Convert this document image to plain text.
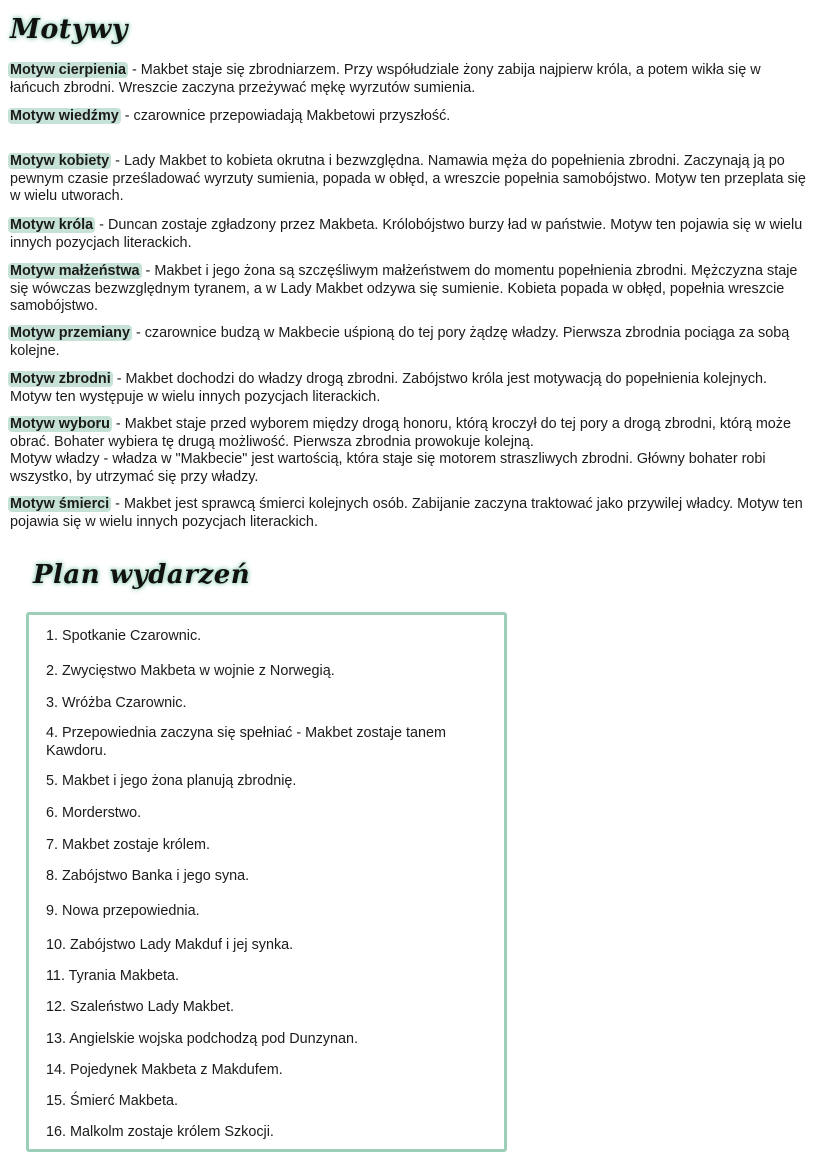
Motywy
Motyw cierpienia - Makbet staje się zbrodniarzem. Przy współudziale żony zabija najpierw króla, a potem wikła się w łańcuch zbrodni. Wreszcie zaczyna przeżywać mękę wyrzutów sumienia.
Motyw wiedźmy - czarownice przepowiadają Makbetowi przyszłość.
Motyw kobiety - Lady Makbet to kobieta okrutna i bezwzględna. Namawia męża do popełnienia zbrodni. Zaczynają ją po pewnym czasie prześladować wyrzuty sumienia, popada w obłęd, a wreszcie popełnia samobójstwo. Motyw ten przeplata się w wielu utworach.
Motyw króla - Duncan zostaje zgładzony przez Makbeta. Królobójstwo burzy ład w państwie. Motyw ten pojawia się w wielu innych pozycjach literackich.
Motyw małżeństwa - Makbet i jego żona są szczęśliwym małżeństwem do momentu popełnienia zbrodni. Mężczyzna staje się wówczas bezwzględnym tyranem, a w Lady Makbet odzywa się sumienie. Kobieta popada w obłęd, popełnia wreszcie samobójstwo.
Motyw przemiany - czarownice budzą w Makbecie uśpioną do tej pory żądzę władzy. Pierwsza zbrodnia pociąga za sobą kolejne.
Motyw zbrodni - Makbet dochodzi do władzy drogą zbrodni. Zabójstwo króla jest motywacją do popełnienia kolejnych. Motyw ten występuje w wielu innych pozycjach literackich.
Motyw wyboru - Makbet staje przed wyborem między drogą honoru, którą kroczył do tej pory a drogą zbrodni, którą może obrać. Bohater wybiera tę drugą możliwość. Pierwsza zbrodnia prowokuje kolejną.
Motyw władzy - władza w "Makbecie" jest wartością, która staje się motorem straszliwych zbrodni. Główny bohater robi wszystko, by utrzymać się przy władzy.
Motyw śmierci - Makbet jest sprawcą śmierci kolejnych osób. Zabijanie zaczyna traktować jako przywilej władcy. Motyw ten pojawia się w wielu innych pozycjach literackich.
Plan wydarzeń
1. Spotkanie Czarownic.
2. Zwycięstwo Makbeta w wojnie z Norwegią.
3. Wróżba Czarownic.
4. Przepowiednia zaczyna się spełniać - Makbet zostaje tanem Kawdoru.
5. Makbet i jego żona planują zbrodnię.
6. Morderstwo.
7. Makbet zostaje królem.
8. Zabójstwo Banka i jego syna.
9. Nowa przepowiednia.
10. Zabójstwo Lady Makduf i jej synka.
11. Tyrania Makbeta.
12. Szaleństwo Lady Makbet.
13. Angielskie wojska podchodzą pod Dunzynan.
14. Pojedynek Makbeta z Makdufem.
15. Śmierć Makbeta.
16. Malkolm zostaje królem Szkocji.
